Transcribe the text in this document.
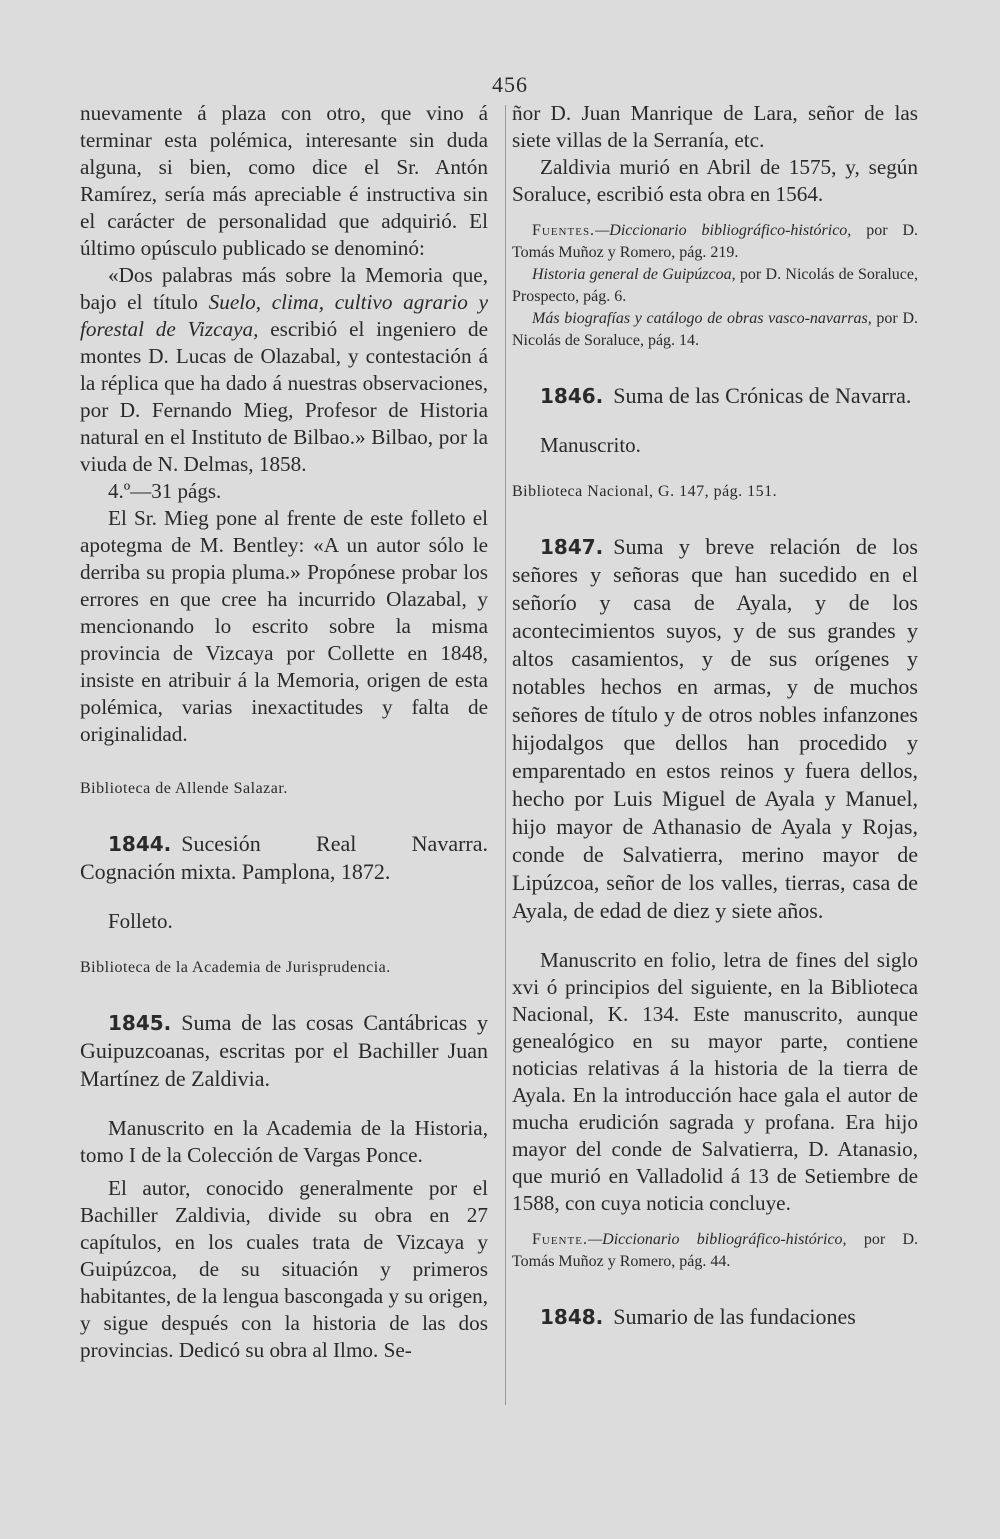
456

nuevamente á plaza con otro, que vino á terminar esta polémica, interesante sin duda alguna, si bien, como dice el Sr. Antón Ramírez, sería más apreciable é instructiva sin el carácter de personalidad que adquirió. El último opúsculo publicado se denominó:

«Dos palabras más sobre la Memoria que, bajo el título Suelo, clima, cultivo agrario y forestal de Vizcaya, escribió el ingeniero de montes D. Lucas de Olazabal, y contestación á la réplica que ha dado á nuestras observaciones, por D. Fernando Mieg, Profesor de Historia natural en el Instituto de Bilbao.» Bilbao, por la viuda de N. Delmas, 1858.

4.º—31 págs.

El Sr. Mieg pone al frente de este folleto el apotegma de M. Bentley: «A un autor sólo le derriba su propia pluma.» Propónese probar los errores en que cree ha incurrido Olazabal, y mencionando lo escrito sobre la misma provincia de Vizcaya por Collette en 1848, insiste en atribuir á la Memoria, origen de esta polémica, varias inexactitudes y falta de originalidad.

Biblioteca de Allende Salazar.

1844. Sucesión Real Navarra. Cognación mixta. Pamplona, 1872.

Folleto.

Biblioteca de la Academia de Jurisprudencia.

1845. Suma de las cosas Cantábricas y Guipuzcoanas, escritas por el Bachiller Juan Martínez de Zaldivia.

Manuscrito en la Academia de la Historia, tomo I de la Colección de Vargas Ponce.

El autor, conocido generalmente por el Bachiller Zaldivia, divide su obra en 27 capítulos, en los cuales trata de Vizcaya y Guipúzcoa, de su situación y primeros habitantes, de la lengua bascongada y su origen, y sigue después con la historia de las dos provincias. Dedicó su obra al Ilmo. Se-

ñor D. Juan Manrique de Lara, señor de las siete villas de la Serranía, etc.

Zaldivia murió en Abril de 1575, y, según Soraluce, escribió esta obra en 1564.

Fuentes.—Diccionario bibliográfico-histórico, por D. Tomás Muñoz y Romero, pág. 219.

Historia general de Guipúzcoa, por D. Nicolás de Soraluce, Prospecto, pág. 6.

Más biografías y catálogo de obras vasco-navarras, por D. Nicolás de Soraluce, pág. 14.

1846. Suma de las Crónicas de Navarra.

Manuscrito.

Biblioteca Nacional, G. 147, pág. 151.

1847. Suma y breve relación de los señores y señoras que han sucedido en el señorío y casa de Ayala, y de los acontecimientos suyos, y de sus grandes y altos casamientos, y de sus orígenes y notables hechos en armas, y de muchos señores de título y de otros nobles infanzones hijodalgos que dellos han procedido y emparentado en estos reinos y fuera dellos, hecho por Luis Miguel de Ayala y Manuel, hijo mayor de Athanasio de Ayala y Rojas, conde de Salvatierra, merino mayor de Lipúzcoa, señor de los valles, tierras, casa de Ayala, de edad de diez y siete años.

Manuscrito en folio, letra de fines del siglo xvi ó principios del siguiente, en la Biblioteca Nacional, K. 134. Este manuscrito, aunque genealógico en su mayor parte, contiene noticias relativas á la historia de la tierra de Ayala. En la introducción hace gala el autor de mucha erudición sagrada y profana. Era hijo mayor del conde de Salvatierra, D. Atanasio, que murió en Valladolid á 13 de Setiembre de 1588, con cuya noticia concluye.

Fuente.—Diccionario bibliográfico-histórico, por D. Tomás Muñoz y Romero, pág. 44.

1848. Sumario de las fundaciones
